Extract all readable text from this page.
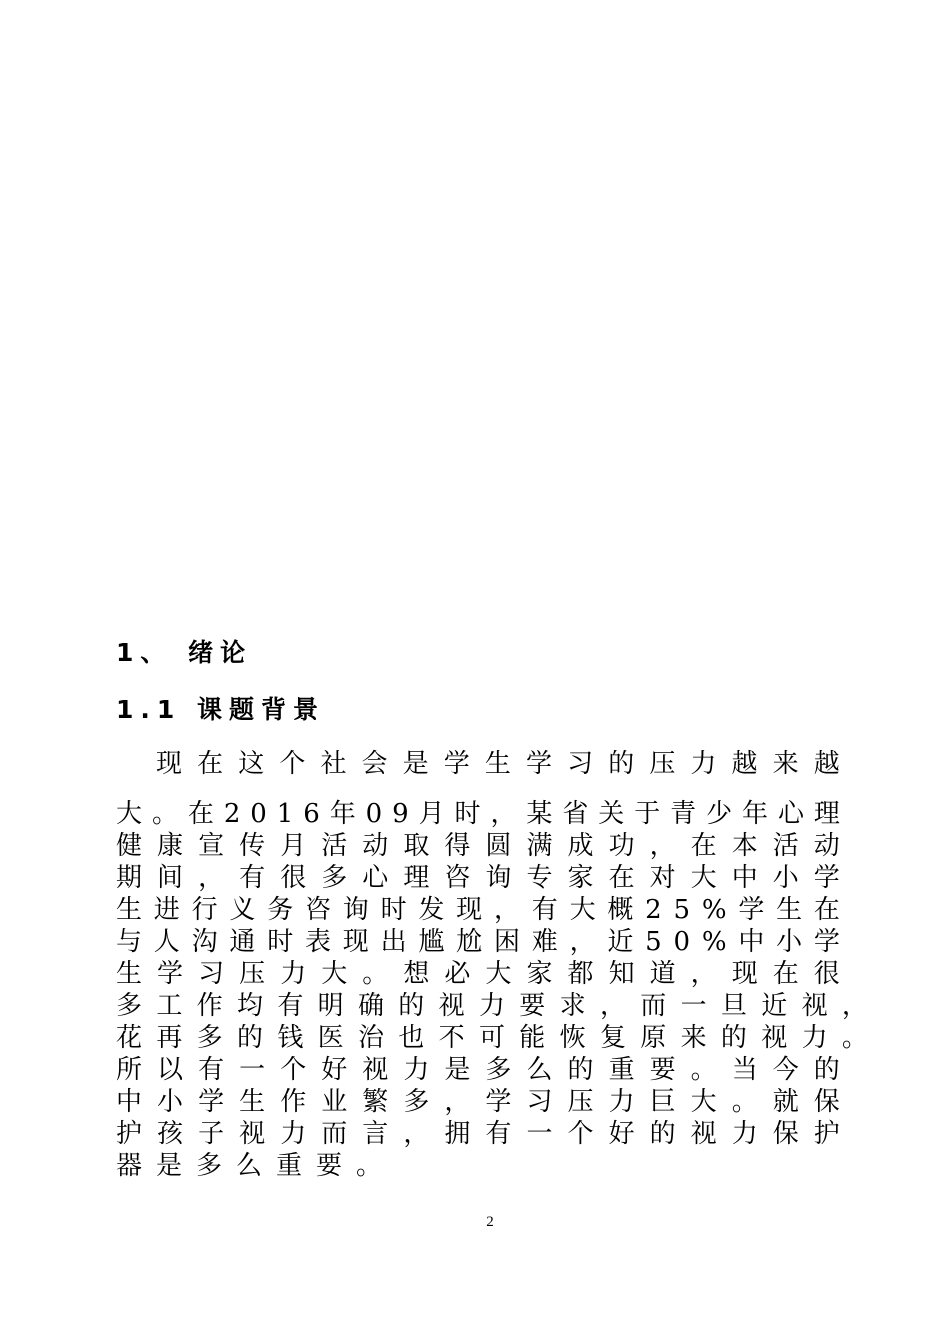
1、 绪论
1.1 课题背景
现 在 这 个 社 会 是 学 生 学 习 的 压 力 越 来 越
大 。 在 2 0 1 6 年 0 9 月 时 ， 某 省 关 于 青 少 年 心 理
健 康 宣 传 月 活 动 取 得 圆 满 成 功 ， 在 本 活 动
期 间 ， 有 很 多 心 理 咨 询 专 家 在 对 大 中 小 学
生 进 行 义 务 咨 询 时 发 现 ， 有 大 概 2 5 % 学 生 在
与 人 沟 通 时 表 现 出 尴 尬 困 难 ， 近 5 0 % 中 小 学
生 学 习 压 力 大 。 想 必 大 家 都 知 道 ， 现 在 很
多 工 作 均 有 明 确 的 视 力 要 求 ， 而 一 旦 近 视 ，
花 再 多 的 钱 医 治 也 不 可 能 恢 复 原 来 的 视 力 。
所 以 有 一 个 好 视 力 是 多 么 的 重 要 。 当 今 的
中 小 学 生 作 业 繁 多 ， 学 习 压 力 巨 大 。 就 保
护 孩 子 视 力 而 言 ， 拥 有 一 个 好 的 视 力 保 护
器是多么重要。
2
